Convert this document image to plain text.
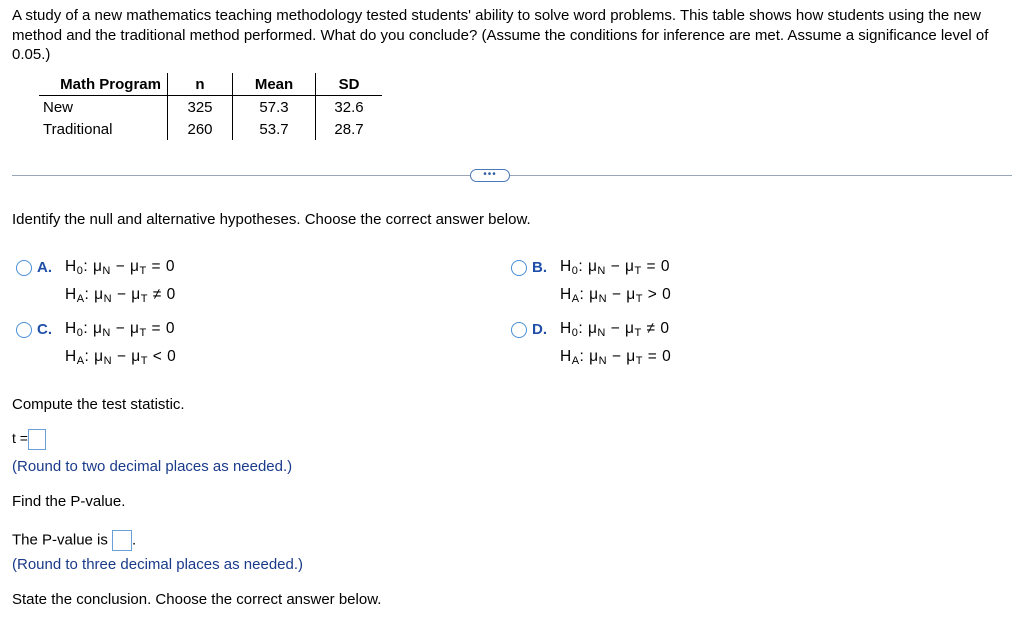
A study of a new mathematics teaching methodology tested students' ability to solve word problems. This table shows how students using the new method and the traditional method performed. What do you conclude? (Assume the conditions for inference are met. Assume a significance level of 0.05.)
Math Program	n	Mean	SD
New	325	57.3	32.6
Traditional	260	53.7	28.7
•••
Identify the null and alternative hypotheses. Choose the correct answer below.
A. $H_0$: $\mu_N - \mu_T = 0$
$H_A$: $\mu_N - \mu_T \ne 0$
B. $H_0$: $\mu_N - \mu_T = 0$
$H_A$: $\mu_N - \mu_T > 0$
C. $H_0$: $\mu_N - \mu_T = 0$
$H_A$: $\mu_N - \mu_T < 0$
D. $H_0$: $\mu_N - \mu_T \ne 0$
$H_A$: $\mu_N - \mu_T = 0$
Compute the test statistic.
t =
(Round to two decimal places as needed.)
Find the P-value.
The P-value is .
(Round to three decimal places as needed.)
State the conclusion. Choose the correct answer below.
